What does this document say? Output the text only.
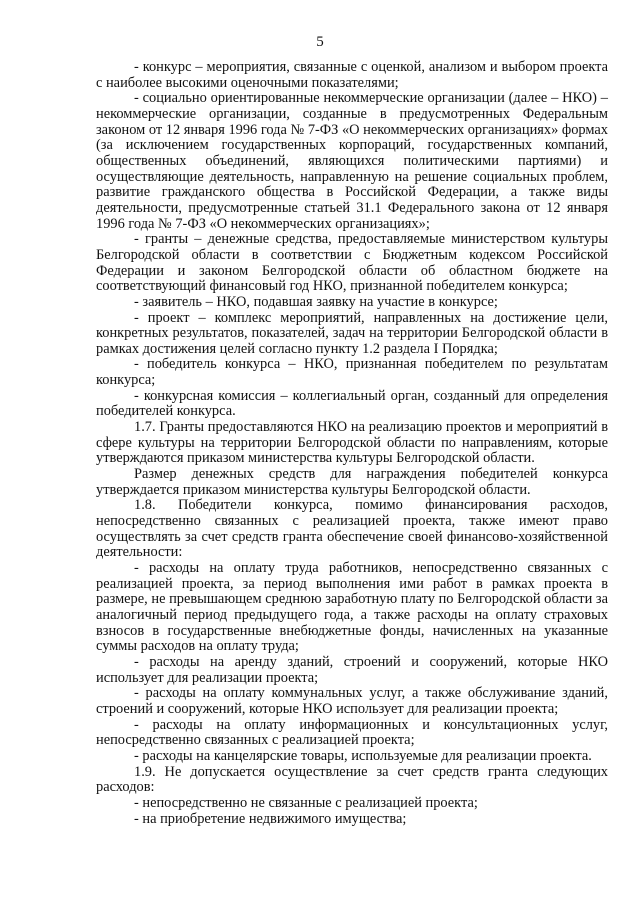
5

- конкурс – мероприятия, связанные с оценкой, анализом и выбором проекта с наиболее высокими оценочными показателями;

- социально ориентированные некоммерческие организации (далее – НКО) – некоммерческие организации, созданные в предусмотренных Федеральным законом от 12 января 1996 года № 7-ФЗ «О некоммерческих организациях» формах (за исключением государственных корпораций, государственных компаний, общественных объединений, являющихся политическими партиями) и осуществляющие деятельность, направленную на решение социальных проблем, развитие гражданского общества в Российской Федерации, а также виды деятельности, предусмотренные статьей 31.1 Федерального закона от 12 января 1996 года № 7-ФЗ «О некоммерческих организациях»;

- гранты – денежные средства, предоставляемые министерством культуры Белгородской области в соответствии с Бюджетным кодексом Российской Федерации и законом Белгородской области об областном бюджете на соответствующий финансовый год НКО, признанной победителем конкурса;

- заявитель – НКО, подавшая заявку на участие в конкурсе;

- проект – комплекс мероприятий, направленных на достижение цели, конкретных результатов, показателей, задач на территории Белгородской области в рамках достижения целей согласно пункту 1.2 раздела I Порядка;

- победитель конкурса – НКО, признанная победителем по результатам конкурса;

- конкурсная комиссия – коллегиальный орган, созданный для определения победителей конкурса.

1.7. Гранты предоставляются НКО на реализацию проектов и мероприятий в сфере культуры на территории Белгородской области по направлениям, которые утверждаются приказом министерства культуры Белгородской области.

Размер денежных средств для награждения победителей конкурса утверждается приказом министерства культуры Белгородской области.

1.8. Победители конкурса, помимо финансирования расходов, непосредственно связанных с реализацией проекта, также имеют право осуществлять за счет средств гранта обеспечение своей финансово-хозяйственной деятельности:

- расходы на оплату труда работников, непосредственно связанных с реализацией проекта, за период выполнения ими работ в рамках проекта в размере, не превышающем среднюю заработную плату по Белгородской области за аналогичный период предыдущего года, а также расходы на оплату страховых взносов в государственные внебюджетные фонды, начисленных на указанные суммы расходов на оплату труда;

- расходы на аренду зданий, строений и сооружений, которые НКО использует для реализации проекта;

- расходы на оплату коммунальных услуг, а также обслуживание зданий, строений и сооружений, которые НКО использует для реализации проекта;

- расходы на оплату информационных и консультационных услуг, непосредственно связанных с реализацией проекта;

- расходы на канцелярские товары, используемые для реализации проекта.

1.9. Не допускается осуществление за счет средств гранта следующих расходов:

- непосредственно не связанные с реализацией проекта;

- на приобретение недвижимого имущества;
